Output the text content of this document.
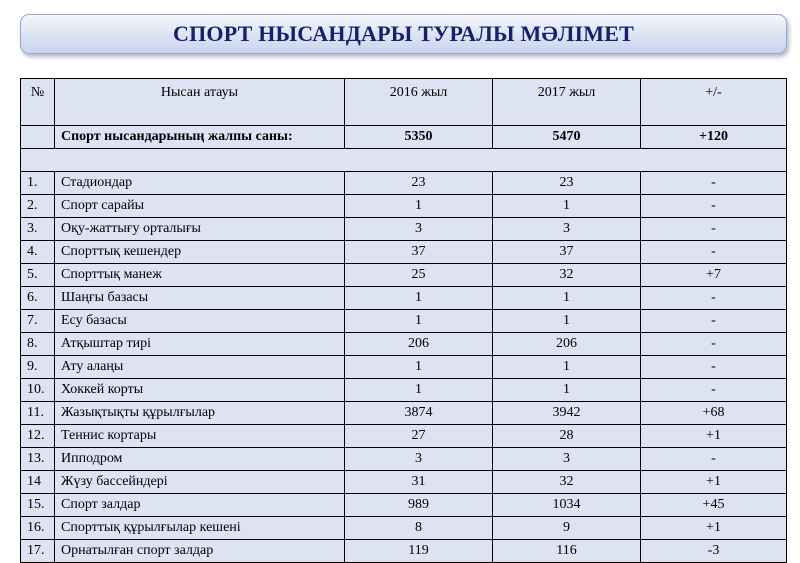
СПОРТ НЫСАНДАРЫ ТУРАЛЫ МӘЛІМЕТ
№	Нысан атауы	2016 жыл	2017 жыл	+/-
	Спорт нысандарының жалпы саны:	5350	5470	+120

1.	Стадиондар	23	23	-
2.	Спорт сарайы	1	1	-
3.	Оқу-жаттығу орталығы	3	3	-
4.	Спорттық кешендер	37	37	-
5.	Спорттық манеж	25	32	+7
6.	Шаңғы базасы	1	1	-
7.	Есу базасы	1	1	-
8.	Атқыштар тирі	206	206	-
9.	Ату алаңы	1	1	-
10.	Хоккей корты	1	1	-
11.	Жазықтықты құрылғылар	3874	3942	+68
12.	Теннис кортары	27	28	+1
13.	Ипподром	3	3	-
14	Жүзу бассейндері	31	32	+1
15.	Спорт залдар	989	1034	+45
16.	Спорттық құрылғылар кешені	8	9	+1
17.	Орнатылған спорт залдар	119	116	-3
